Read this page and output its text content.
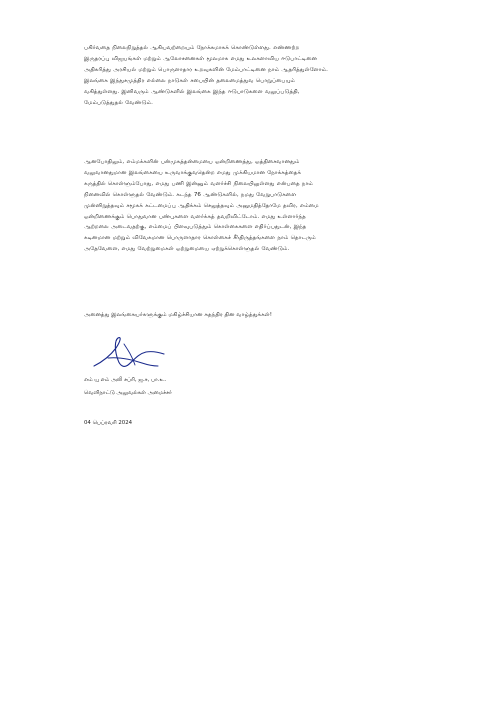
பகிர்வதை நிலைநிறுத்தல் ஆகியவற்றையும் நோக்கமாகக் கொண்டுள்ளது. எண்ணற்ற
இருதரப்பு விஜயங்கள் மற்றும் ஆலோசனைகள் மூலமாக எமது உலகளாவிய ஈடுபாட்டினை
அதிகரித்து அரசியல் மற்றும் பொருளாதார உறவுகளின் மேம்பாட்டினை நாம் ஆதரித்துள்ளோம்.
இலங்கை இந்துசமுத்திர எல்லை நாடுகள் சபையின் தலைமைத்துவ பொறுப்பையும்
வகித்துள்ளது. இனிவரும் ஆண்டுகளில் இலங்கை இந்த ஈடுபாடுகளை வலுப்படுத்தி,
மேம்படுத்துதல் வேண்டும்.
ஆனபோதிலும், எம்மக்களின் பன்முகத்தன்மையை ஒன்றிணைத்து, ஒத்திசைவானதும்
வலுவானதுமான இலங்கையை உருவாக்குவதென்ற எமது முக்கியமான நோக்கத்தைக்
கருத்தில் கொள்ளும்போது, எமது பணி இன்னும் வளர்ச்சி நிலையிலுள்ளது என்பதை நாம்
நினைவில் கொள்ளுதல் வேண்டும். கடந்த 76 ஆண்டுகளில், நமது வேறுபாடுகளை
முன்னிறுத்தவும் சமூகக் கட்டமைப்பு ஆதிக்கம் செலுத்தவும் அனுமதித்தோமே தவிர, எம்மை
ஒன்றிணைக்கும் பொதுவான பண்புகளை வளர்க்கத் தவறிவிட்டோம். எமது உள்ளார்ந்த
ஆற்றலை அடைவதற்கு, எம்மைப் பிளவுபடுத்தும் கொள்கைகளை எதிர்ப்பதுடன், இந்த
கடினமான மற்றும் விவேகமான பொருளாதார கொள்கைச் சீர்திருத்தங்களை நாம் தொடரும்
அதேவேளை, எமது வேற்றுமைகள் ஒற்றுமையை ஏற்றுக்கொள்ளுதல் வேண்டும்.
அனைத்து இலங்கையர்களுக்கும் மகிழ்ச்சியான சுதந்திர தின வாழ்த்துக்கள்!
எம் யு எம் அலி சப்ரி, ஜ.ச, பா.உ.
வெளிநாட்டு அலுவல்கள் அமைச்சர்
04 பெப்ரவரி 2024
